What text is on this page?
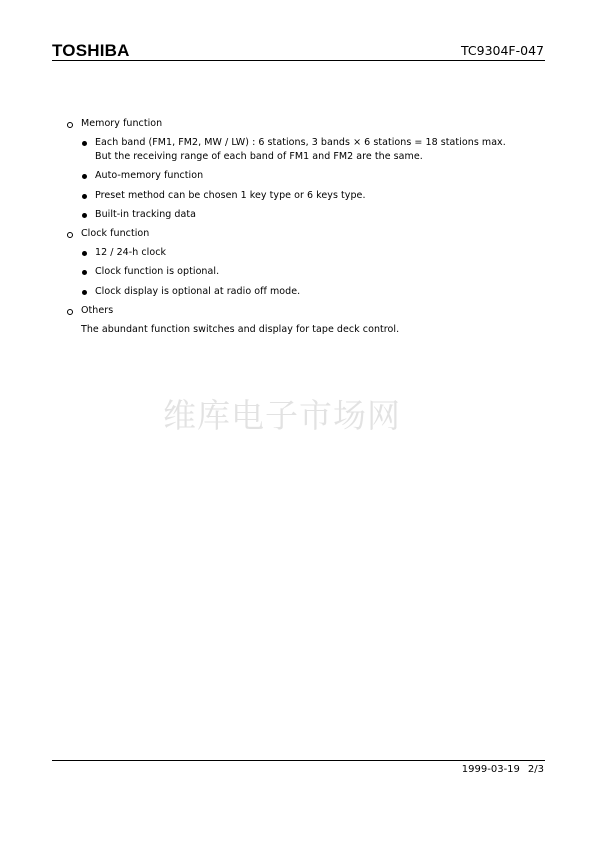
TOSHIBA	TC9304F-047
Memory function
Each band (FM1, FM2, MW / LW) : 6 stations, 3 bands × 6 stations = 18 stations max.
But the receiving range of each band of FM1 and FM2 are the same.
Auto-memory function
Preset method can be chosen 1 key type or 6 keys type.
Built-in tracking data
Clock function
12 / 24-h clock
Clock function is optional.
Clock display is optional at radio off mode.
Others
The abundant function switches and display for tape deck control.
维库电子市场网
1999-03-19 2/3
